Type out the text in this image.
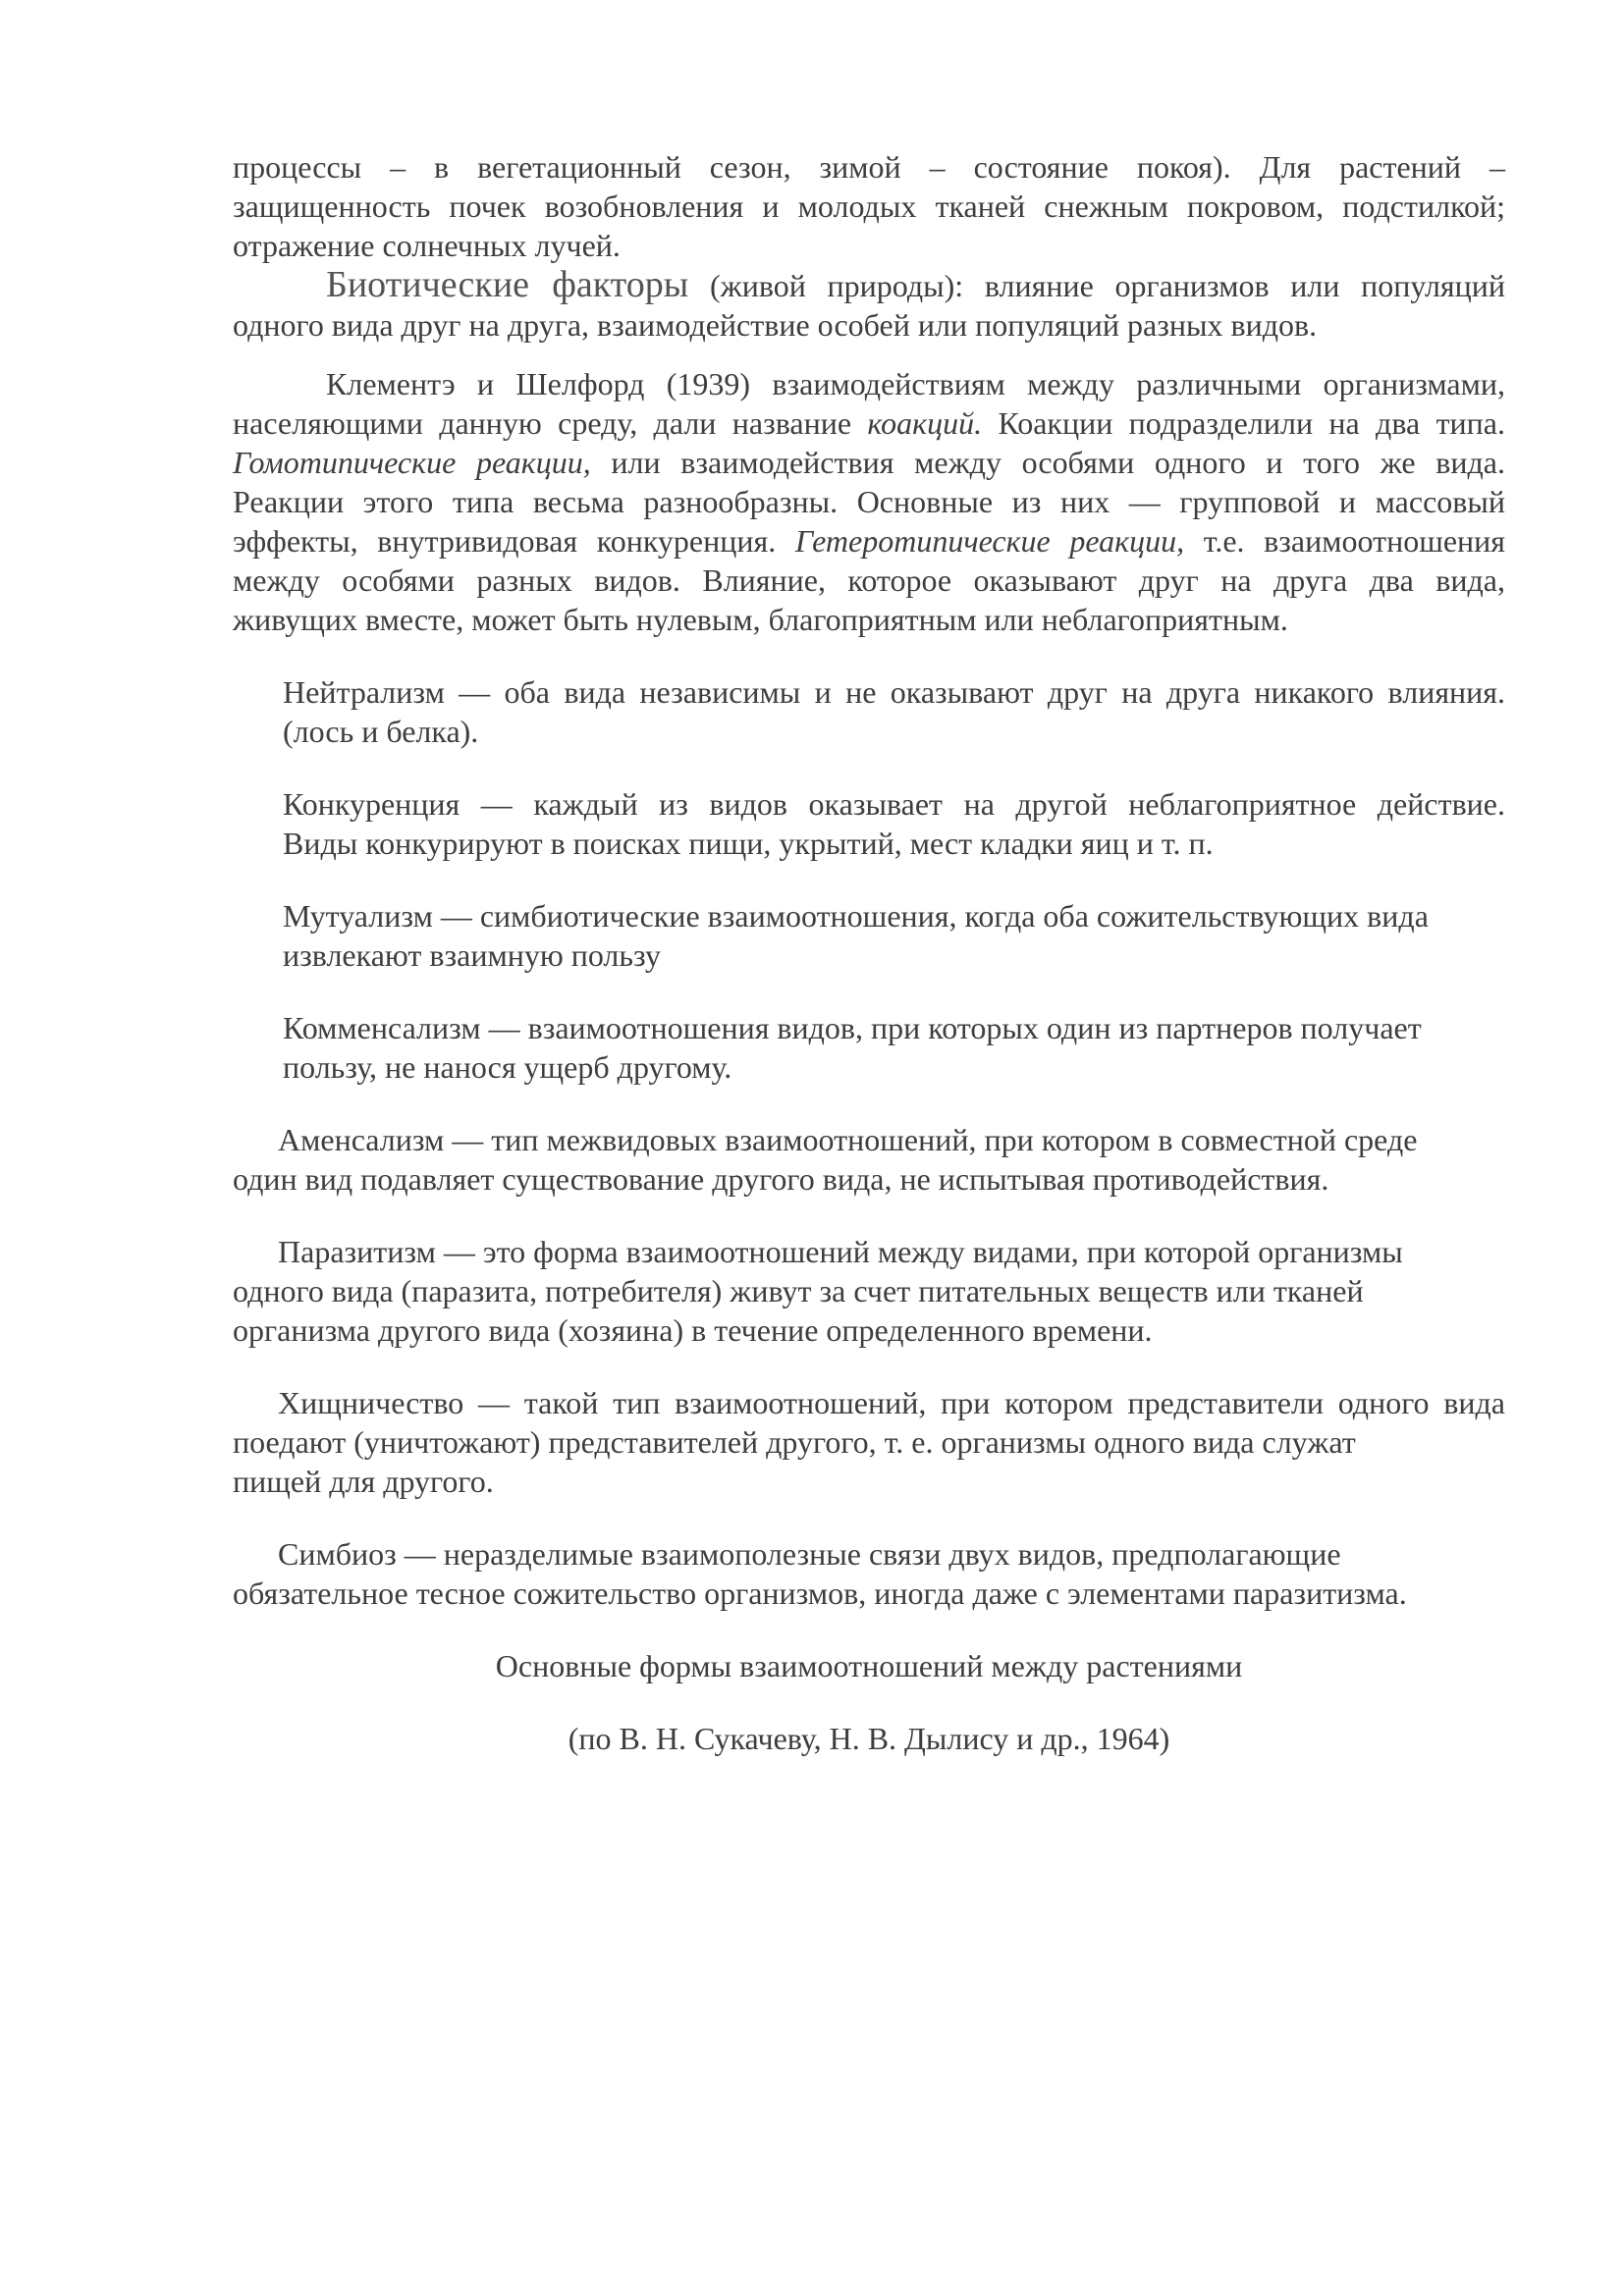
процессы – в вегетационный сезон, зимой – состояние покоя). Для растений –
защищенность почек возобновления и молодых тканей снежным покровом, подстилкой;
отражение солнечных лучей.
Биотические факторы (живой природы): влияние организмов или популяций
одного вида друг на друга, взаимодействие особей или популяций разных видов.
Клементэ и Шелфорд (1939) взаимодействиям между различными организмами,
населяющими данную среду, дали название коакций. Коакции подразделили на два типа.
Гомотипические реакции, или взаимодействия между особями одного и того же вида.
Реакции этого типа весьма разнообразны. Основные из них — групповой и массовый
эффекты, внутривидовая конкуренция. Гетеротипические реакции, т.е. взаимоотношения
между особями разных видов. Влияние, которое оказывают друг на друга два вида,
живущих вместе, может быть нулевым, благоприятным или неблагоприятным.
Нейтрализм — оба вида независимы и не оказывают друг на друга никакого влияния.
(лось и белка).
Конкуренция — каждый из видов оказывает на другой неблагоприятное действие.
Виды конкурируют в поисках пищи, укрытий, мест кладки яиц и т. п.
Мутуализм — симбиотические взаимоотношения, когда оба сожительствующих вида
извлекают взаимную пользу
Комменсализм — взаимоотношения видов, при которых один из партнеров получает
пользу, не нанося ущерб другому.
Аменсализм — тип межвидовых взаимоотношений, при котором в совместной среде
один вид подавляет существование другого вида, не испытывая противодействия.
Паразитизм — это форма взаимоотношений между видами, при которой организмы
одного вида (паразита, потребителя) живут за счет питательных веществ или тканей
организма другого вида (хозяина) в течение определенного времени.
Хищничество — такой тип взаимоотношений, при котором представители одного вида
поедают (уничтожают) представителей другого, т. е. организмы одного вида служат
пищей для другого.
Симбиоз — неразделимые взаимополезные связи двух видов, предполагающие
обязательное тесное сожительство организмов, иногда даже с элементами паразитизма.
Основные формы взаимоотношений между растениями
(по В. Н. Сукачеву, Н. В. Дылису и др., 1964)
